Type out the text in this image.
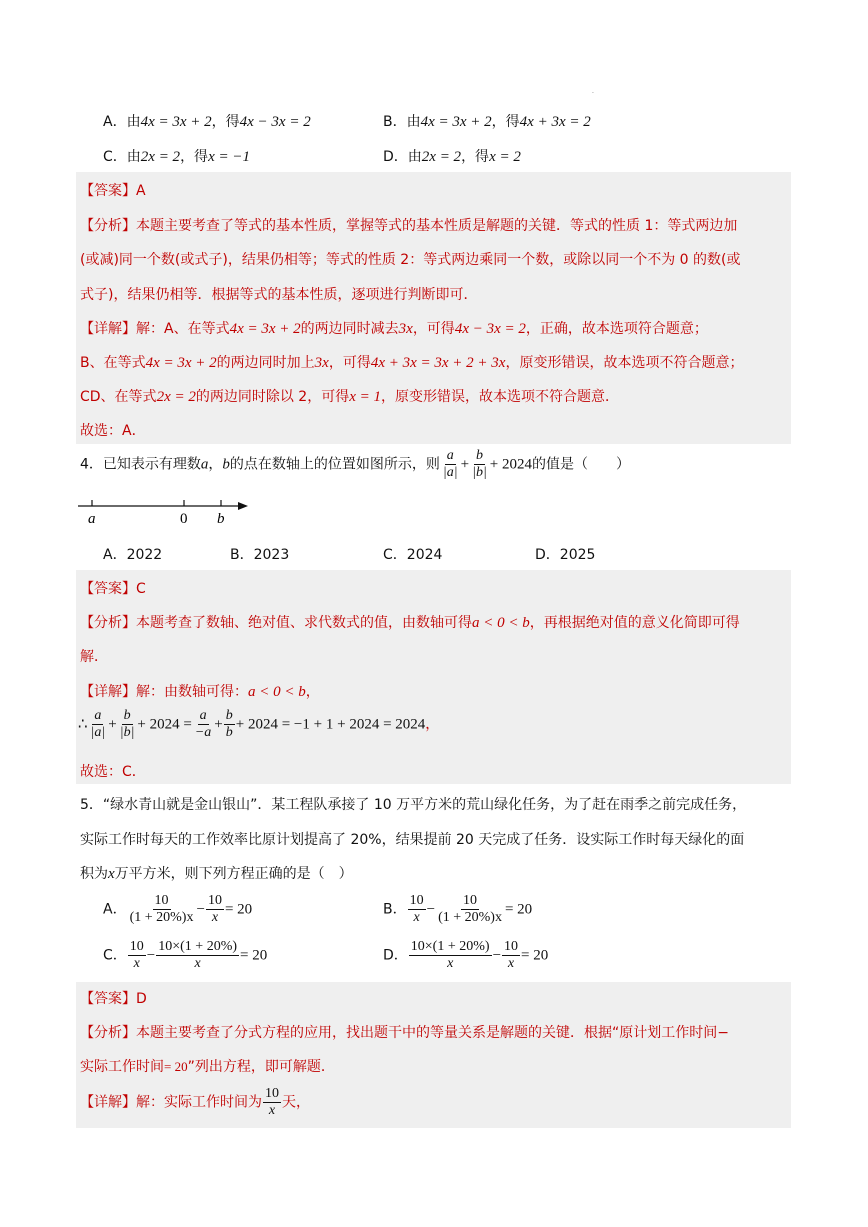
·
A．由4x = 3x + 2，得4x − 3x = 2	B．由4x = 3x + 2，得4x + 3x = 2
C．由2x = 2，得x = −1	D．由2x = 2，得x = 2
【答案】A
【分析】本题主要考查了等式的基本性质，掌握等式的基本性质是解题的关键．等式的性质 1：等式两边加
(或减)同一个数(或式子)，结果仍相等；等式的性质 2：等式两边乘同一个数，或除以同一个不为 0 的数(或
式子)，结果仍相等．根据等式的基本性质，逐项进行判断即可．
【详解】解：A、在等式4x = 3x + 2的两边同时减去3x，可得4x − 3x = 2，正确，故本选项符合题意；
B、在等式4x = 3x + 2的两边同时加上3x，可得4x + 3x = 3x + 2 + 3x，原变形错误，故本选项不符合题意；
CD、在等式2x = 2的两边同时除以 2，可得x = 1，原变形错误，故本选项不符合题意．
故选：A．
4．已知表示有理数a，b的点在数轴上的位置如图所示，则 $\frac{a}{|a|} + \frac{b}{|b|} + 2024$的值是（　　）
a	0 b
A．2022	B．2023	C．2024	D．2025
【答案】C
【分析】本题考查了数轴、绝对值、求代数式的值，由数轴可得a < 0 < b，再根据绝对值的意义化简即可得
解．
【详解】解：由数轴可得：a < 0 < b，
∴ $\frac{a}{|a|} + \frac{b}{|b|} + 2024 = \frac{a}{-a} + \frac{b}{b} + 2024 = -1 + 1 + 2024 = 2024$，
故选：C．
5．“绿水青山就是金山银山”．某工程队承接了 10 万平方米的荒山绿化任务，为了赶在雨季之前完成任务，
实际工作时每天的工作效率比原计划提高了 20%，结果提前 20 天完成了任务．设实际工作时每天绿化的面
积为x万平方米，则下列方程正确的是（　）
A． $\frac{10}{(1 + 20\%)x} - \frac{10}{x} = 20$	B． $\frac{10}{x} - \frac{10}{(1 + 20\%)x} = 20$
C． $\frac{10}{x} - \frac{10\times(1 + 20\%)}{x} = 20$	D． $\frac{10\times(1 + 20\%)}{x} - \frac{10}{x} = 20$
【答案】D
【分析】本题主要考查了分式方程的应用，找出题干中的等量关系是解题的关键．根据“原计划工作时间−
实际工作时间= 20”列出方程，即可解题．
【详解】解：实际工作时间为 $\frac{10}{x}$ 天，
